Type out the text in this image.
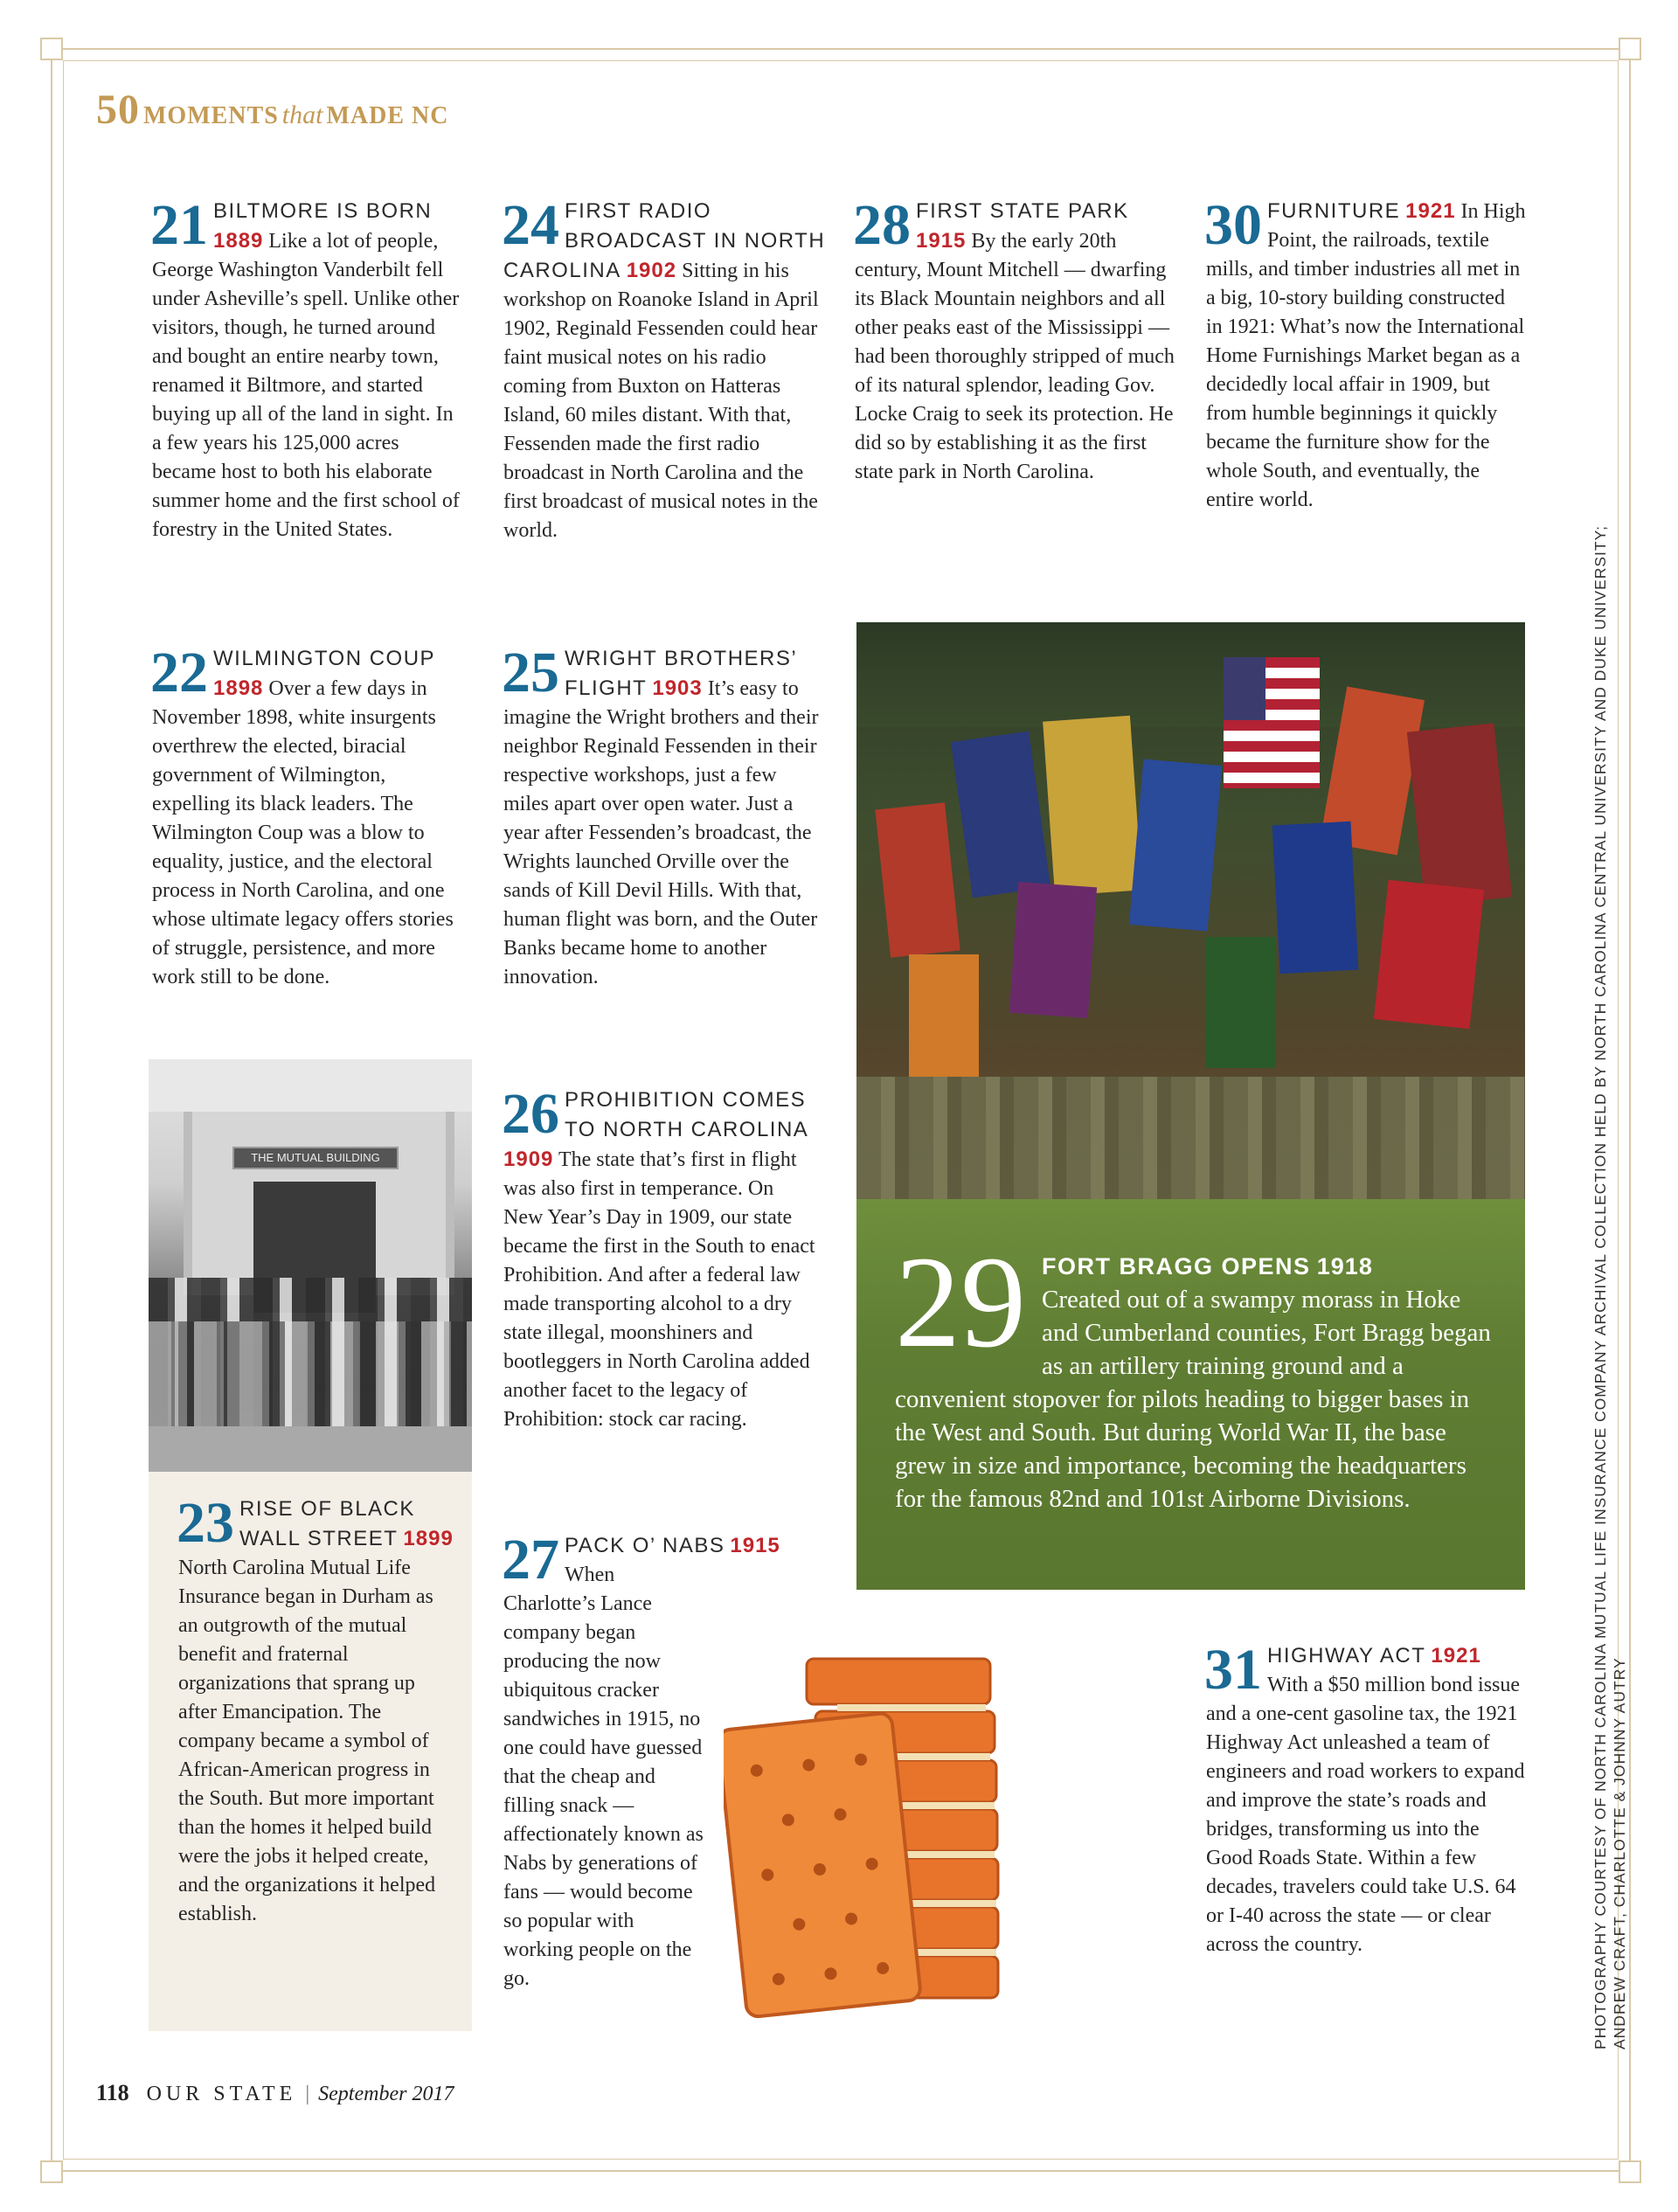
50 MOMENTS that MADE NC
21 BILTMORE IS BORN 1889 Like a lot of people, George Washington Vanderbilt fell under Asheville’s spell. Unlike other visitors, though, he turned around and bought an entire nearby town, renamed it Biltmore, and started buying up all of the land in sight. In a few years his 125,000 acres became host to both his elaborate summer home and the first school of forestry in the United States.
22 WILMINGTON COUP 1898 Over a few days in November 1898, white insurgents overthrew the elected, biracial government of Wilmington, expelling its black leaders. The Wilmington Coup was a blow to equality, justice, and the electoral process in North Carolina, and one whose ultimate legacy offers stories of struggle, persistence, and more work still to be done.
THE MUTUAL BUILDING
23 RISE OF BLACK WALL STREET 1899 North Carolina Mutual Life Insurance began in Durham as an outgrowth of the mutual benefit and fraternal organizations that sprang up after Emancipation. The company became a symbol of African-American progress in the South. But more important than the homes it helped build were the jobs it helped create, and the organizations it helped establish.
24 FIRST RADIO BROADCAST IN NORTH CAROLINA 1902 Sitting in his workshop on Roanoke Island in April 1902, Reginald Fessenden could hear faint musical notes on his radio coming from Buxton on Hatteras Island, 60 miles distant. With that, Fessenden made the first radio broadcast in North Carolina and the first broadcast of musical notes in the world.
25 WRIGHT BROTHERS’ FLIGHT 1903 It’s easy to imagine the Wright brothers and their neighbor Reginald Fessenden in their respective workshops, just a few miles apart over open water. Just a year after Fessenden’s broadcast, the Wrights launched Orville over the sands of Kill Devil Hills. With that, human flight was born, and the Outer Banks became home to another innovation.
26 PROHIBITION COMES TO NORTH CAROLINA 1909 The state that’s first in flight was also first in temperance. On New Year’s Day in 1909, our state became the first in the South to enact Prohibition. And after a federal law made transporting alcohol to a dry state illegal, moonshiners and bootleggers in North Carolina added another facet to the legacy of Prohibition: stock car racing.
27 PACK O’ NABS 1915
When Charlotte’s Lance company began producing the now ubiquitous cracker sandwiches in 1915, no one could have guessed that the cheap and filling snack — affectionately known as Nabs by generations of fans — would become so popular with working people on the go.
28 FIRST STATE PARK 1915 By the early 20th century, Mount Mitchell — dwarfing its Black Mountain neighbors and all other peaks east of the Mississippi — had been thoroughly stripped of much of its natural splendor, leading Gov. Locke Craig to seek its protection. He did so by establishing it as the first state park in North Carolina.
30 FURNITURE 1921 In High Point, the railroads, textile mills, and timber industries all met in a big, 10-story building constructed in 1921: What’s now the International Home Furnishings Market began as a decidedly local affair in 1909, but from humble beginnings it quickly became the furniture show for the whole South, and eventually, the entire world.
29 FORT BRAGG OPENS 1918
Created out of a swampy morass in Hoke and Cumberland counties, Fort Bragg began as an artillery training ground and a convenient stopover for pilots heading to bigger bases in the West and South. But during World War II, the base grew in size and importance, becoming the headquarters for the famous 82nd and 101st Airborne Divisions.
31 HIGHWAY ACT 1921 With a $50 million bond issue and a one-cent gasoline tax, the 1921 Highway Act unleashed a team of engineers and road workers to expand and improve the state’s roads and bridges, transforming us into the Good Roads State. Within a few decades, travelers could take U.S. 64 or I-40 across the state — or clear across the country.	PHOTOGRAPHY COURTESY OF NORTH CAROLINA MUTUAL LIFE INSURANCE COMPANY ARCHIVAL COLLECTION HELD BY NORTH CAROLINA CENTRAL UNIVERSITY AND DUKE UNIVERSITY; ANDREW CRAFT, CHARLOTTE & JOHNNY AUTRY
118 OUR STATE | September 2017
